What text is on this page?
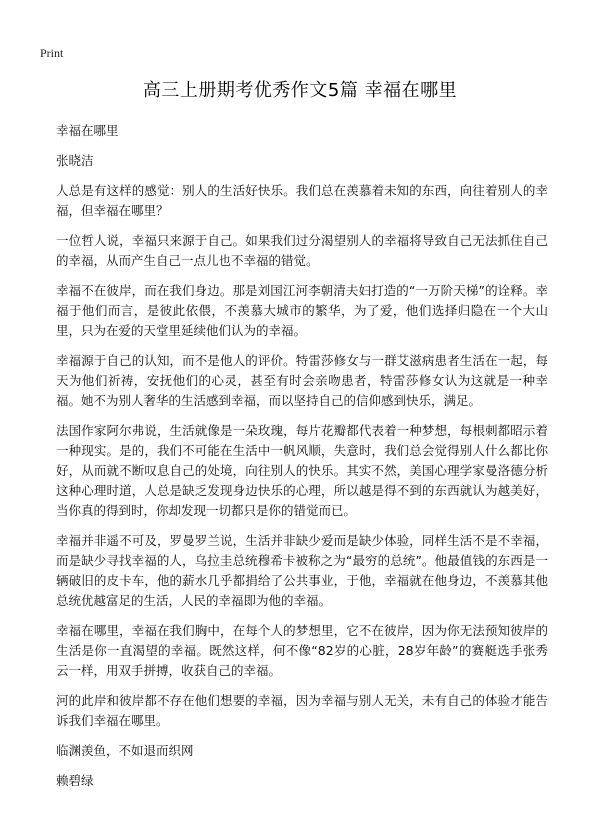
Print
高三上册期考优秀作文5篇 幸福在哪里

幸福在哪里

张晓洁

人总是有这样的感觉：别人的生活好快乐。我们总在羡慕着未知的东西，向往着别人的幸福，但幸福在哪里？

一位哲人说，幸福只来源于自己。如果我们过分渴望别人的幸福将导致自己无法抓住自己的幸福，从而产生自己一点儿也不幸福的错觉。

幸福不在彼岸，而在我们身边。那是刘国江河李朝清夫妇打造的“一万阶天梯”的诠释。幸福于他们而言，是彼此依偎，不羡慕大城市的繁华，为了爱，他们选择归隐在一个大山里，只为在爱的天堂里延续他们认为的幸福。

幸福源于自己的认知，而不是他人的评价。特雷莎修女与一群艾滋病患者生活在一起，每天为他们祈祷，安抚他们的心灵，甚至有时会亲吻患者，特雷莎修女认为这就是一种幸福。她不为别人奢华的生活感到幸福，而以坚持自己的信仰感到快乐，满足。

法国作家阿尔弗说，生活就像是一朵玫瑰，每片花瓣都代表着一种梦想，每根刺都昭示着一种现实。是的，我们不可能在生活中一帆风顺，失意时，我们总会觉得别人什么都比你好，从而就不断叹息自己的处境，向往别人的快乐。其实不然，美国心理学家曼洛德分析这种心理时道，人总是缺乏发现身边快乐的心理，所以越是得不到的东西就认为越美好，当你真的得到时，你却发现一切都只是你的错觉而已。

幸福并非遥不可及，罗曼罗兰说，生活并非缺少爱而是缺少体验，同样生活不是不幸福，而是缺少寻找幸福的人，乌拉圭总统穆希卡被称之为“最穷的总统”。他最值钱的东西是一辆破旧的皮卡车，他的薪水几乎都捐给了公共事业，于他，幸福就在他身边，不羡慕其他总统优越富足的生活，人民的幸福即为他的幸福。

幸福在哪里，幸福在我们胸中，在每个人的梦想里，它不在彼岸，因为你无法预知彼岸的生活是你一直渴望的幸福。既然这样，何不像“82岁的心脏，28岁年龄”的赛艇选手张秀云一样，用双手拼搏，收获自己的幸福。

河的此岸和彼岸都不存在他们想要的幸福，因为幸福与别人无关，未有自己的体验才能告诉我们幸福在哪里。

临渊羡鱼，不如退而织网

赖碧绿
